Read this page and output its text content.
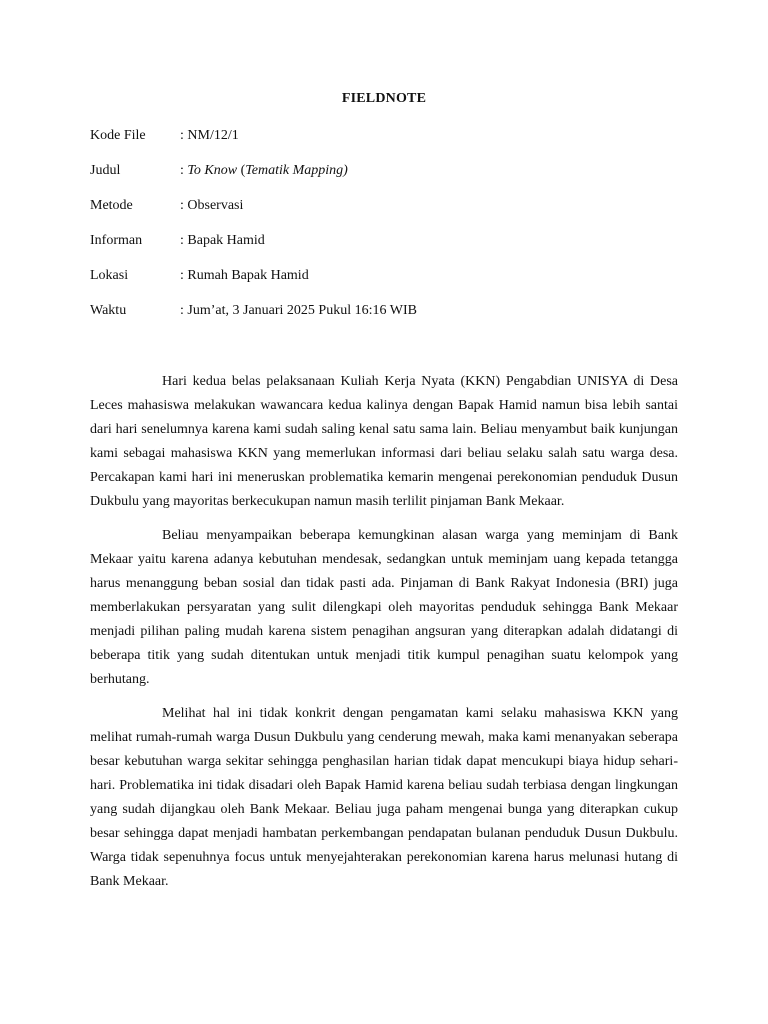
FIELDNOTE
Kode File	: NM/12/1
Judul	: To Know (Tematik Mapping)
Metode	: Observasi
Informan	: Bapak Hamid
Lokasi	: Rumah Bapak Hamid
Waktu	: Jum’at, 3 Januari 2025 Pukul 16:16 WIB

Hari kedua belas pelaksanaan Kuliah Kerja Nyata (KKN) Pengabdian UNISYA di Desa Leces mahasiswa melakukan wawancara kedua kalinya dengan Bapak Hamid namun bisa lebih santai dari hari senelumnya karena kami sudah saling kenal satu sama lain. Beliau menyambut baik kunjungan kami sebagai mahasiswa KKN yang memerlukan informasi dari beliau selaku salah satu warga desa. Percakapan kami hari ini meneruskan problematika kemarin mengenai perekonomian penduduk Dusun Dukbulu yang mayoritas berkecukupan namun masih terlilit pinjaman Bank Mekaar.

Beliau menyampaikan beberapa kemungkinan alasan warga yang meminjam di Bank Mekaar yaitu karena adanya kebutuhan mendesak, sedangkan untuk meminjam uang kepada tetangga harus menanggung beban sosial dan tidak pasti ada. Pinjaman di Bank Rakyat Indonesia (BRI) juga memberlakukan persyaratan yang sulit dilengkapi oleh mayoritas penduduk sehingga Bank Mekaar menjadi pilihan paling mudah karena sistem penagihan angsuran yang diterapkan adalah didatangi di beberapa titik yang sudah ditentukan untuk menjadi titik kumpul penagihan suatu kelompok yang berhutang.

Melihat hal ini tidak konkrit dengan pengamatan kami selaku mahasiswa KKN yang melihat rumah-rumah warga Dusun Dukbulu yang cenderung mewah, maka kami menanyakan seberapa besar kebutuhan warga sekitar sehingga penghasilan harian tidak dapat mencukupi biaya hidup sehari-hari. Problematika ini tidak disadari oleh Bapak Hamid karena beliau sudah terbiasa dengan lingkungan yang sudah dijangkau oleh Bank Mekaar. Beliau juga paham mengenai bunga yang diterapkan cukup besar sehingga dapat menjadi hambatan perkembangan pendapatan bulanan penduduk Dusun Dukbulu. Warga tidak sepenuhnya focus untuk menyejahterakan perekonomian karena harus melunasi hutang di Bank Mekaar.
